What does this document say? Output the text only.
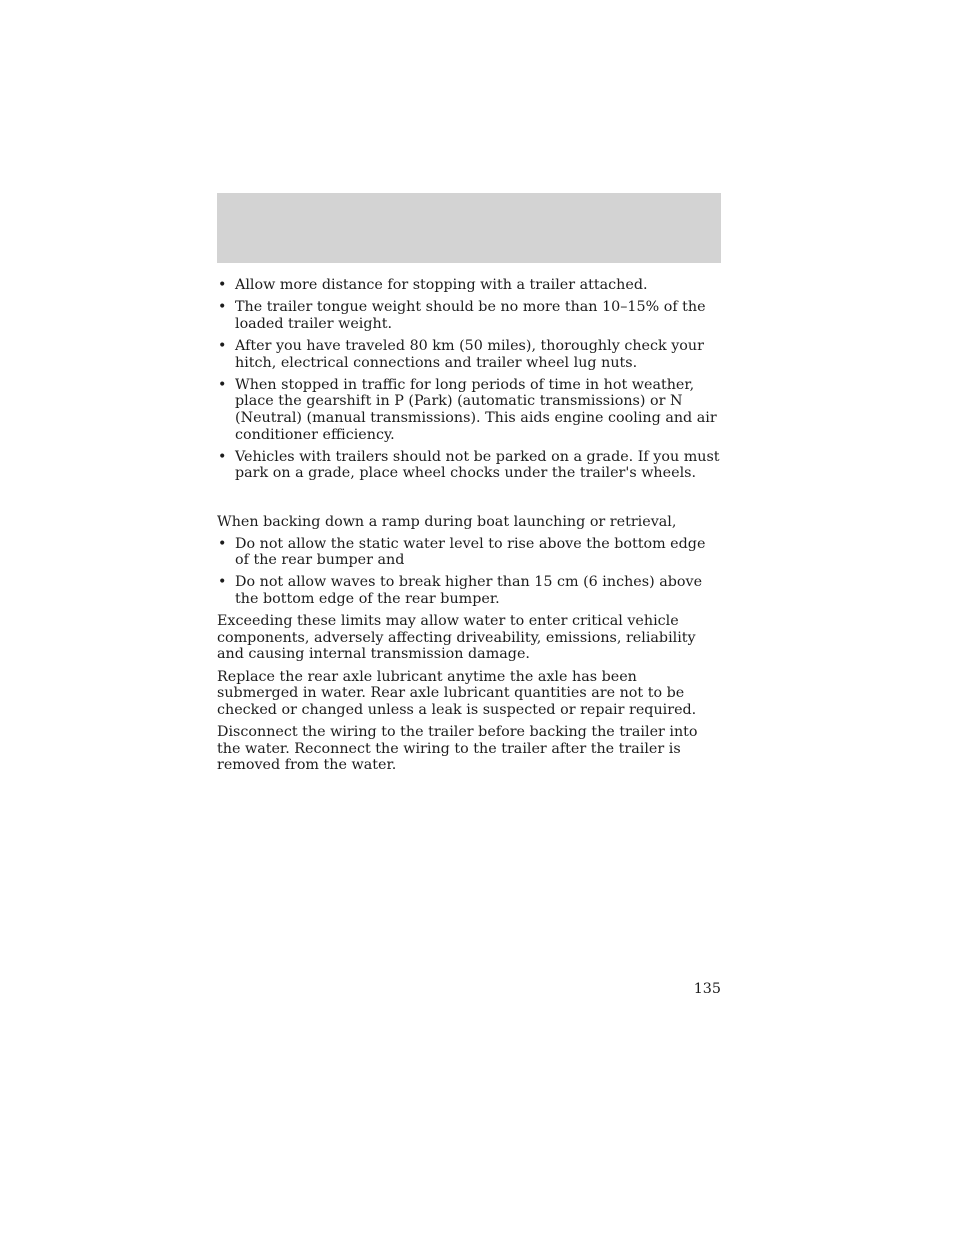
• Allow more distance for stopping with a trailer attached.
• The trailer tongue weight should be no more than 10–15% of the loaded trailer weight.
• After you have traveled 80 km (50 miles), thoroughly check your hitch, electrical connections and trailer wheel lug nuts.
• When stopped in traffic for long periods of time in hot weather, place the gearshift in P (Park) (automatic transmissions) or N (Neutral) (manual transmissions). This aids engine cooling and air conditioner efficiency.
• Vehicles with trailers should not be parked on a grade. If you must park on a grade, place wheel chocks under the trailer's wheels.

When backing down a ramp during boat launching or retrieval,

• Do not allow the static water level to rise above the bottom edge of the rear bumper and
• Do not allow waves to break higher than 15 cm (6 inches) above the bottom edge of the rear bumper.

Exceeding these limits may allow water to enter critical vehicle components, adversely affecting driveability, emissions, reliability and causing internal transmission damage.

Replace the rear axle lubricant anytime the axle has been submerged in water. Rear axle lubricant quantities are not to be checked or changed unless a leak is suspected or repair required.

Disconnect the wiring to the trailer before backing the trailer into the water. Reconnect the wiring to the trailer after the trailer is removed from the water.

135
